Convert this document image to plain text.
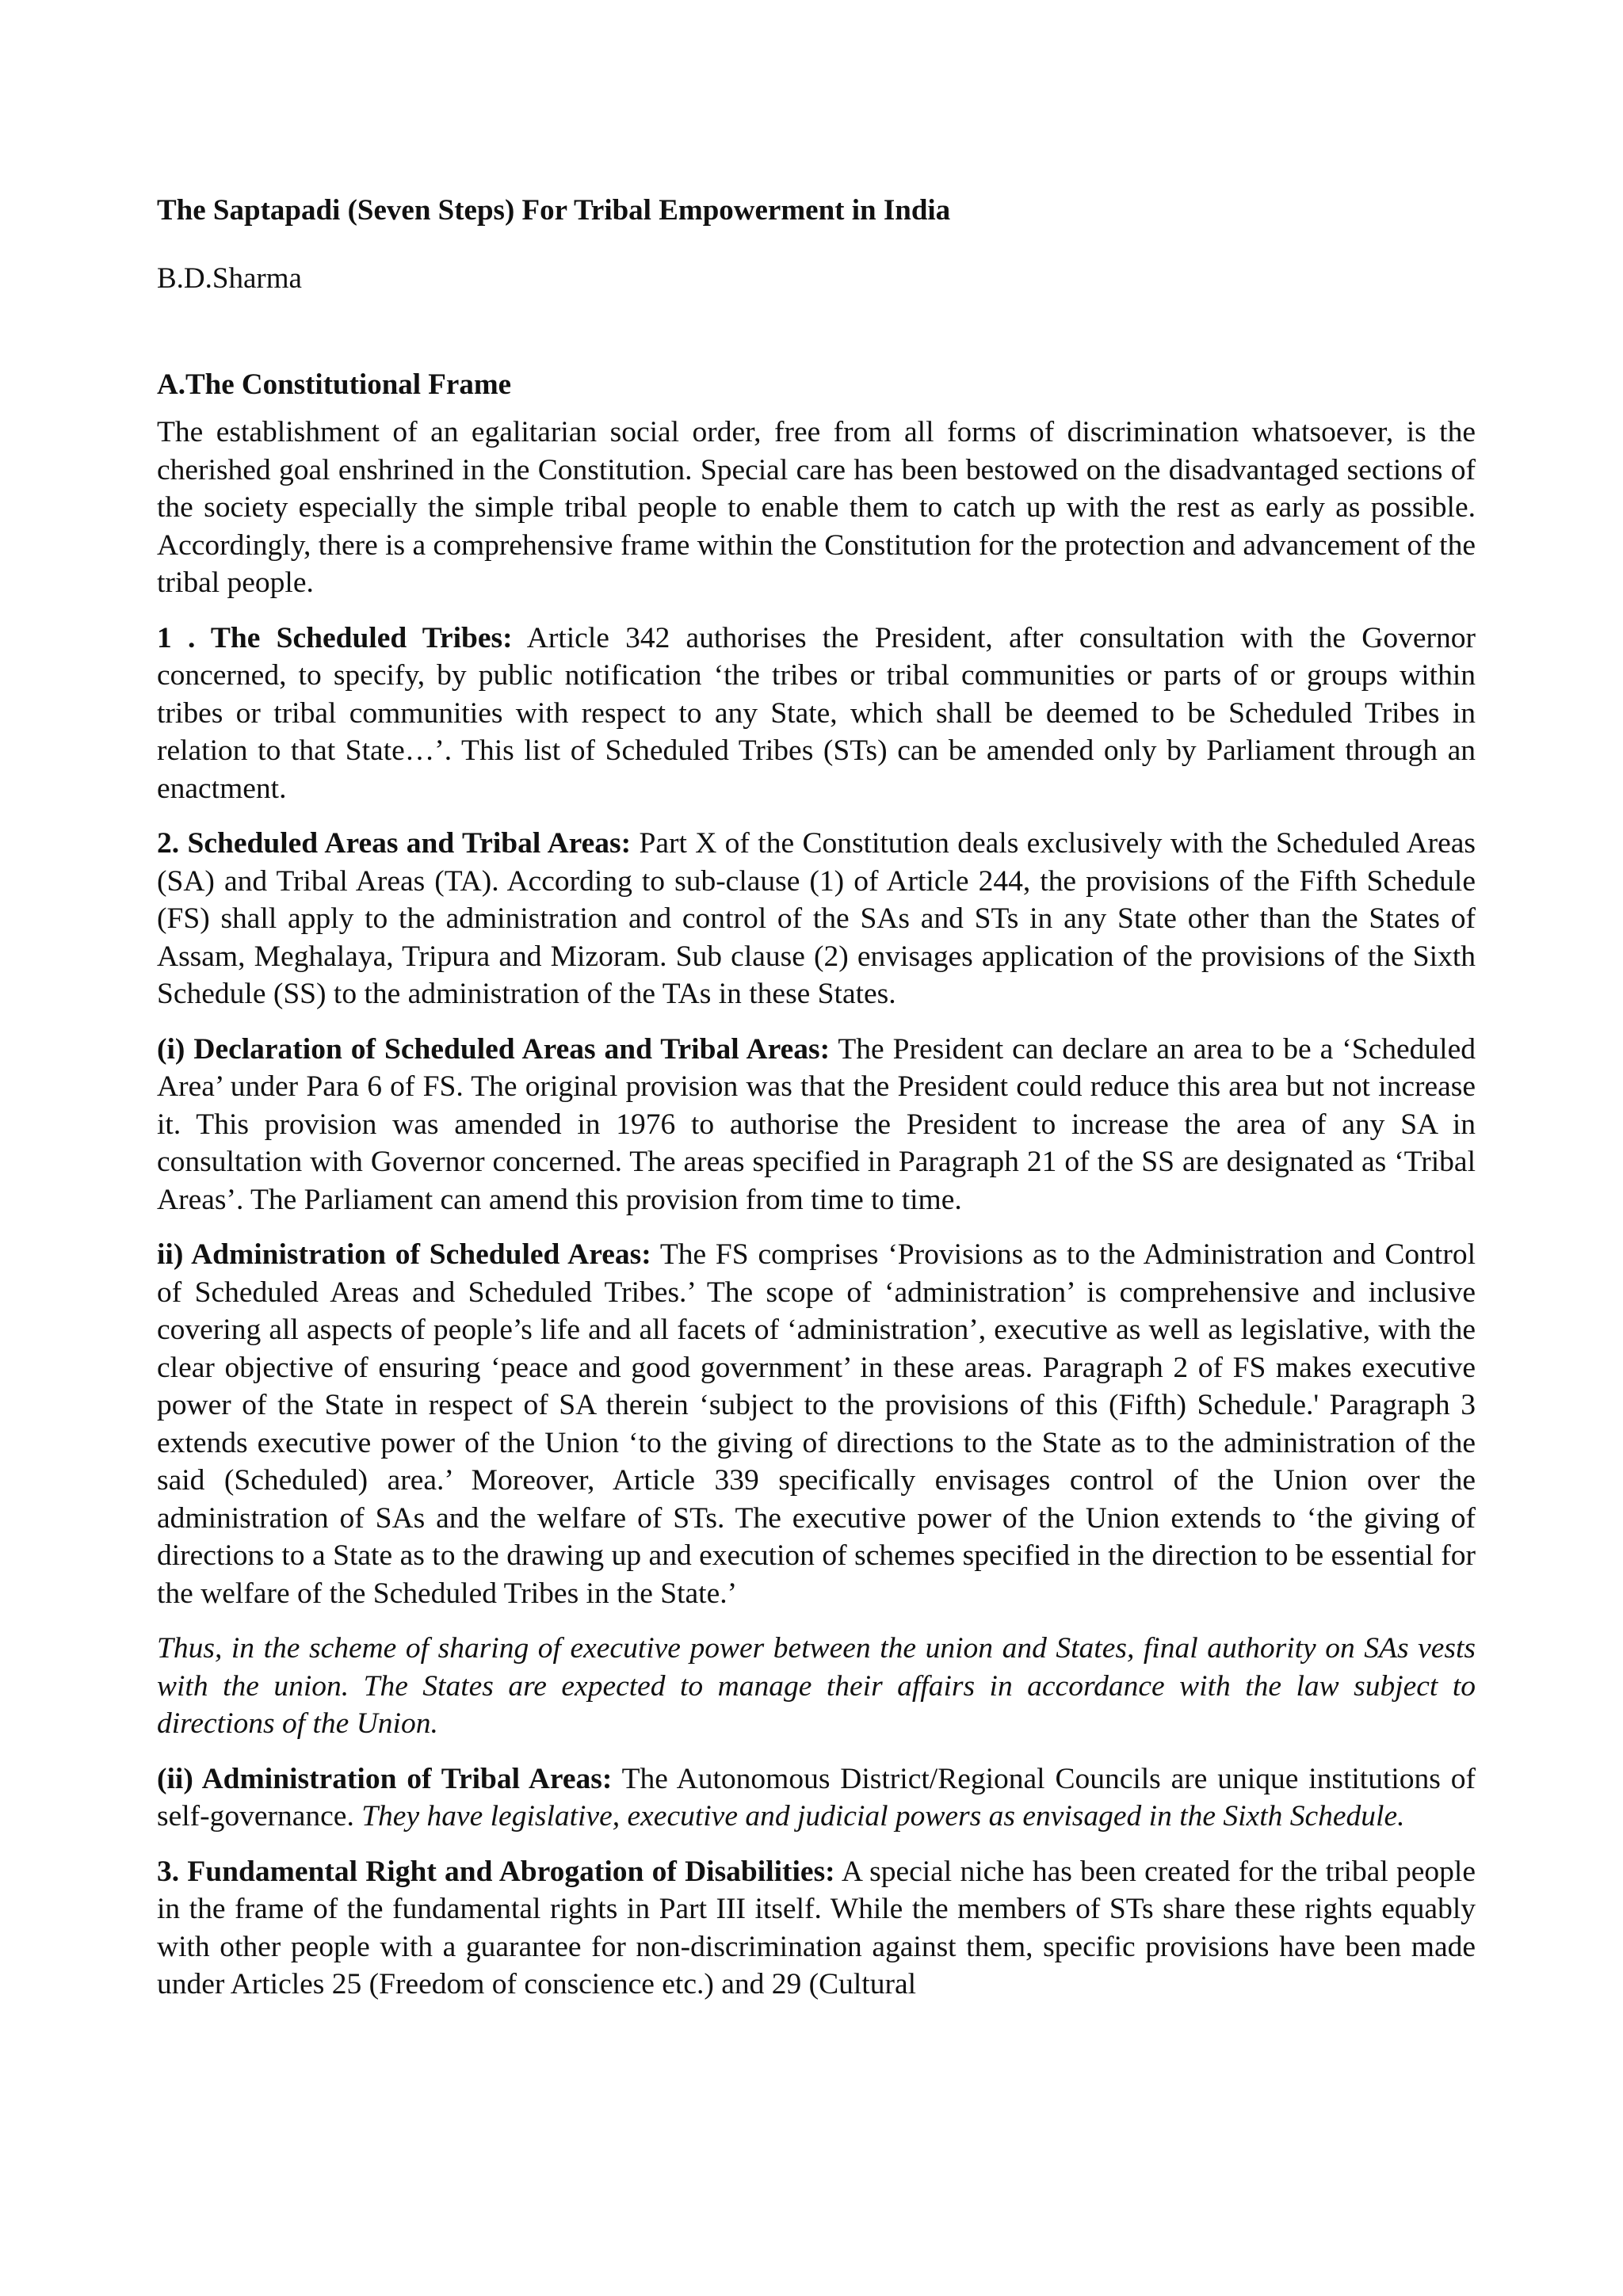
The Saptapadi (Seven Steps) For Tribal Empowerment in India
B.D.Sharma
A.The Constitutional Frame

The establishment of an egalitarian social order, free from all forms of discrimination whatsoever, is the cherished goal enshrined in the Constitution. Special care has been bestowed on the disadvantaged sections of the society especially the simple tribal people to enable them to catch up with the rest as early as possible. Accordingly, there is a comprehensive frame within the Constitution for the protection and advancement of the tribal people.

1 . The Scheduled Tribes: Article 342 authorises the President, after consultation with the Governor concerned, to specify, by public notification ‘the tribes or tribal communities or parts of or groups within tribes or tribal communities with respect to any State, which shall be deemed to be Scheduled Tribes in relation to that State…’. This list of Scheduled Tribes (STs) can be amended only by Parliament through an enactment.

2. Scheduled Areas and Tribal Areas: Part X of the Constitution deals exclusively with the Scheduled Areas (SA) and Tribal Areas (TA). According to sub-clause (1) of Article 244, the provisions of the Fifth Schedule (FS) shall apply to the administration and control of the SAs and STs in any State other than the States of Assam, Meghalaya, Tripura and Mizoram. Sub clause (2) envisages application of the provisions of the Sixth Schedule (SS) to the administration of the TAs in these States.

(i) Declaration of Scheduled Areas and Tribal Areas: The President can declare an area to be a ‘Scheduled Area’ under Para 6 of FS. The original provision was that the President could reduce this area but not increase it. This provision was amended in 1976 to authorise the President to increase the area of any SA in consultation with Governor concerned. The areas specified in Paragraph 21 of the SS are designated as ‘Tribal Areas’. The Parliament can amend this provision from time to time.

ii) Administration of Scheduled Areas: The FS comprises ‘Provisions as to the Administration and Control of Scheduled Areas and Scheduled Tribes.’ The scope of ‘administration’ is comprehensive and inclusive covering all aspects of people’s life and all facets of ‘administration’, executive as well as legislative, with the clear objective of ensuring ‘peace and good government’ in these areas. Paragraph 2 of FS makes executive power of the State in respect of SA therein ‘subject to the provisions of this (Fifth) Schedule.' Paragraph 3 extends executive power of the Union ‘to the giving of directions to the State as to the administration of the said (Scheduled) area.’ Moreover, Article 339 specifically envisages control of the Union over the administration of SAs and the welfare of STs. The executive power of the Union extends to ‘the giving of directions to a State as to the drawing up and execution of schemes specified in the direction to be essential for the welfare of the Scheduled Tribes in the State.’

Thus, in the scheme of sharing of executive power between the union and States, final authority on SAs vests with the union. The States are expected to manage their affairs in accordance with the law subject to directions of the Union.

(ii) Administration of Tribal Areas: The Autonomous District/Regional Councils are unique institutions of self-governance. They have legislative, executive and judicial powers as envisaged in the Sixth Schedule.

3. Fundamental Right and Abrogation of Disabilities: A special niche has been created for the tribal people in the frame of the fundamental rights in Part III itself. While the members of STs share these rights equably with other people with a guarantee for non-discrimination against them, specific provisions have been made under Articles 25 (Freedom of conscience etc.) and 29 (Cultural
